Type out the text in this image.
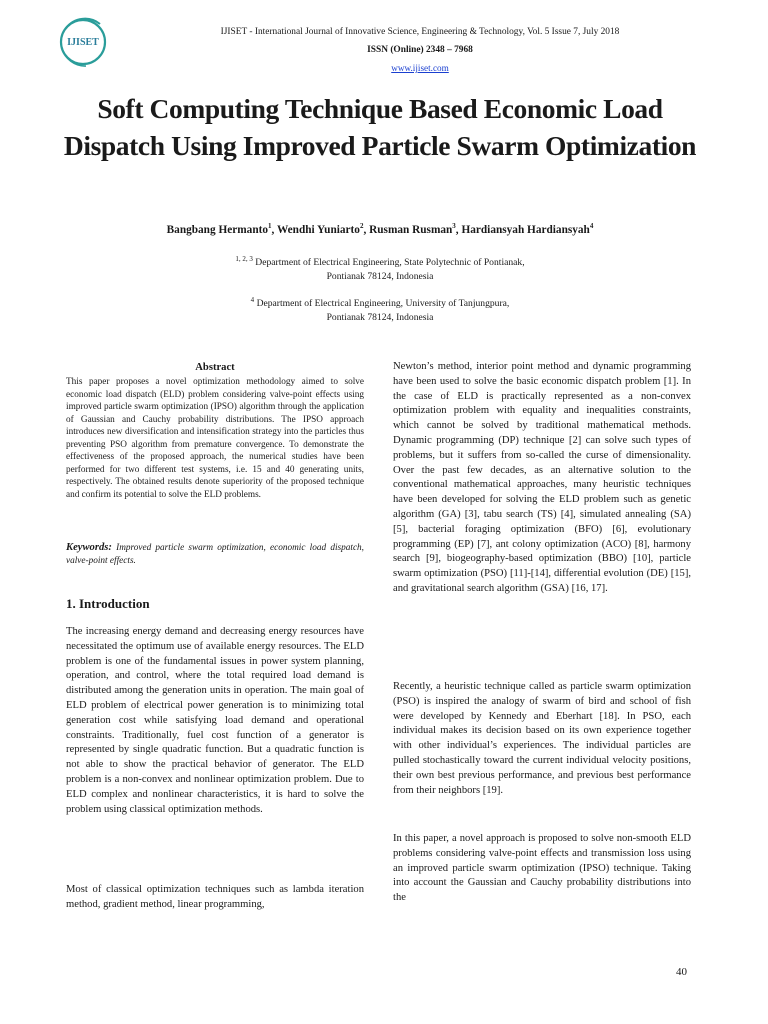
IJISET

IJISET - International Journal of Innovative Science, Engineering & Technology, Vol. 5 Issue 7, July 2018

ISSN (Online) 2348 – 7968

www.ijiset.com

Soft Computing Technique Based Economic Load Dispatch Using Improved Particle Swarm Optimization

Bangbang Hermanto$^1$, Wendhi Yuniarto$^2$, Rusman Rusman$^3$, Hardiansyah Hardiansyah$^4$

$^{1, 2, 3}$ Department of Electrical Engineering, State Polytechnic of Pontianak,
Pontianak 78124, Indonesia

$^4$ Department of Electrical Engineering, University of Tanjungpura,
Pontianak 78124, Indonesia

Abstract

This paper proposes a novel optimization methodology aimed to solve economic load dispatch (ELD) problem considering valve-point effects using improved particle swarm optimization (IPSO) algorithm through the application of Gaussian and Cauchy probability distributions. The IPSO approach introduces new diversification and intensification strategy into the particles thus preventing PSO algorithm from premature convergence. To demonstrate the effectiveness of the proposed approach, the numerical studies have been performed for two different test systems, i.e. 15 and 40 generating units, respectively. The obtained results denote superiority of the proposed technique and confirm its potential to solve the ELD problems.

Keywords: Improved particle swarm optimization, economic load dispatch, valve-point effects.

1. Introduction

The increasing energy demand and decreasing energy resources have necessitated the optimum use of available energy resources. The ELD problem is one of the fundamental issues in power system planning, operation, and control, where the total required load demand is distributed among the generation units in operation. The main goal of ELD problem of electrical power generation is to minimizing total generation cost while satisfying load demand and operational constraints. Traditionally, fuel cost function of a generator is represented by single quadratic function. But a quadratic function is not able to show the practical behavior of generator. The ELD problem is a non-convex and nonlinear optimization problem. Due to ELD complex and nonlinear characteristics, it is hard to solve the problem using classical optimization methods.

Most of classical optimization techniques such as lambda iteration method, gradient method, linear programming,

Newton’s method, interior point method and dynamic programming have been used to solve the basic economic dispatch problem [1]. In the case of ELD is practically represented as a non-convex optimization problem with equality and inequalities constraints, which cannot be solved by traditional mathematical methods. Dynamic programming (DP) technique [2] can solve such types of problems, but it suffers from so-called the curse of dimensionality. Over the past few decades, as an alternative solution to the conventional mathematical approaches, many heuristic techniques have been developed for solving the ELD problem such as genetic algorithm (GA) [3], tabu search (TS) [4], simulated annealing (SA) [5], bacterial foraging optimization (BFO) [6], evolutionary programming (EP) [7], ant colony optimization (ACO) [8], harmony search [9], biogeography-based optimization (BBO) [10], particle swarm optimization (PSO) [11]-[14], differential evolution (DE) [15], and gravitational search algorithm (GSA) [16, 17].

Recently, a heuristic technique called as particle swarm optimization (PSO) is inspired the analogy of swarm of bird and school of fish were developed by Kennedy and Eberhart [18]. In PSO, each individual makes its decision based on its own experience together with other individual’s experiences. The individual particles are pulled stochastically toward the current individual velocity positions, their own best previous performance, and previous best performance from their neighbors [19].

In this paper, a novel approach is proposed to solve non-smooth ELD problems considering valve-point effects and transmission loss using an improved particle swarm optimization (IPSO) technique. Taking into account the Gaussian and Cauchy probability distributions into the

40
